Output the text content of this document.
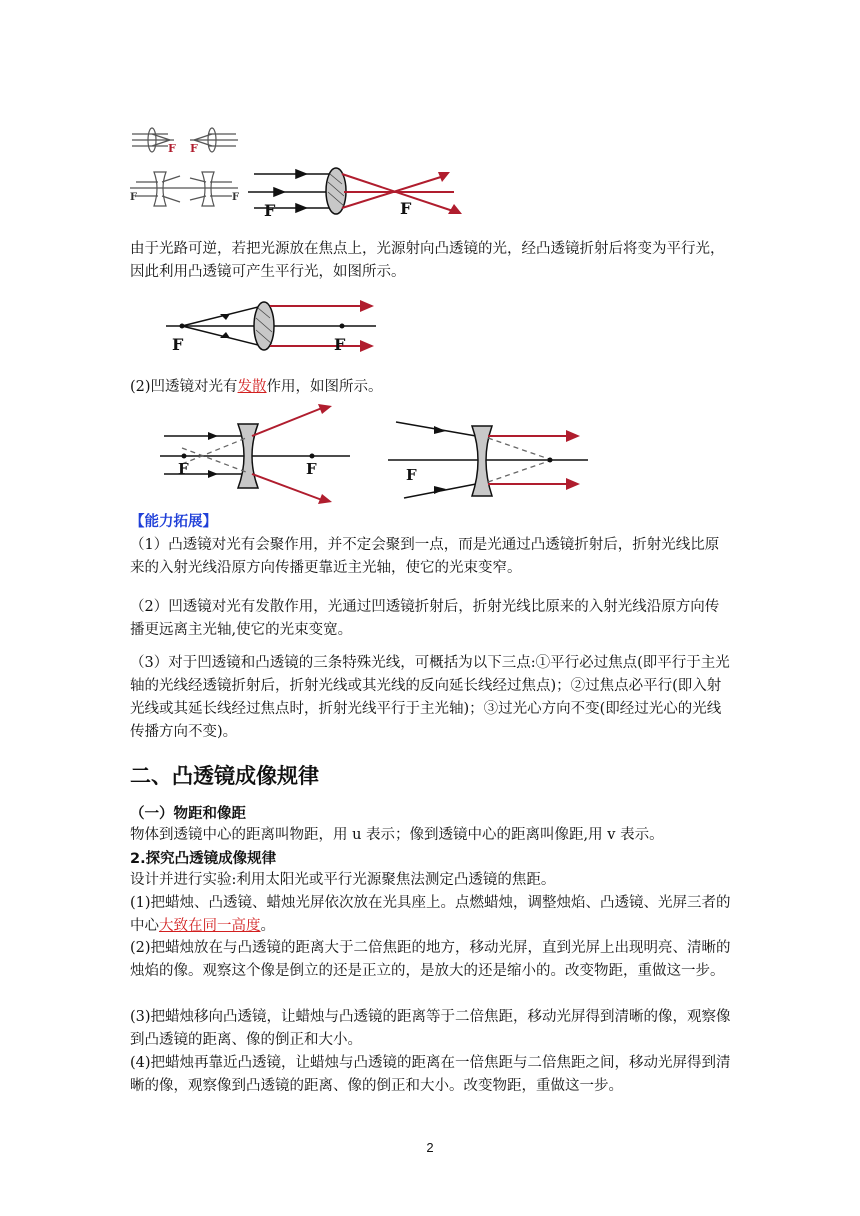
F F
F	F
F	F

由于光路可逆，若把光源放在焦点上，光源射向凸透镜的光，经凸透镜折射后将变为平行光，因此利用凸透镜可产生平行光，如图所示。

F	F

(2)凹透镜对光有发散作用，如图所示。

F	F	F
【能力拓展】

（1）凸透镜对光有会聚作用，并不定会聚到一点，而是光通过凸透镜折射后，折射光线比原来的入射光线沿原方向传播更靠近主光轴，使它的光束变窄。

（2）凹透镜对光有发散作用，光通过凹透镜折射后，折射光线比原来的入射光线沿原方向传播更远离主光轴,使它的光束变宽。

（3）对于凹透镜和凸透镜的三条特殊光线，可概括为以下三点:①平行必过焦点(即平行于主光轴的光线经透镜折射后，折射光线或其光线的反向延长线经过焦点)；②过焦点必平行(即入射光线或其延长线经过焦点时，折射光线平行于主光轴)；③过光心方向不变(即经过光心的光线传播方向不变)。

二、凸透镜成像规律
（一）物距和像距

物体到透镜中心的距离叫物距，用 u 表示；像到透镜中心的距离叫像距,用 v 表示。

2.探究凸透镜成像规律

设计并进行实验:利用太阳光或平行光源聚焦法测定凸透镜的焦距。

(1)把蜡烛、凸透镜、蜡烛光屏依次放在光具座上。点燃蜡烛，调整烛焰、凸透镜、光屏三者的中心大致在同一高度。

(2)把蜡烛放在与凸透镜的距离大于二倍焦距的地方，移动光屏，直到光屏上出现明亮、清晰的烛焰的像。观察这个像是倒立的还是正立的，是放大的还是缩小的。改变物距，重做这一步。

(3)把蜡烛移向凸透镜，让蜡烛与凸透镜的距离等于二倍焦距，移动光屏得到清晰的像，观察像到凸透镜的距离、像的倒正和大小。

(4)把蜡烛再靠近凸透镜，让蜡烛与凸透镜的距离在一倍焦距与二倍焦距之间，移动光屏得到清晰的像，观察像到凸透镜的距离、像的倒正和大小。改变物距，重做这一步。

2
